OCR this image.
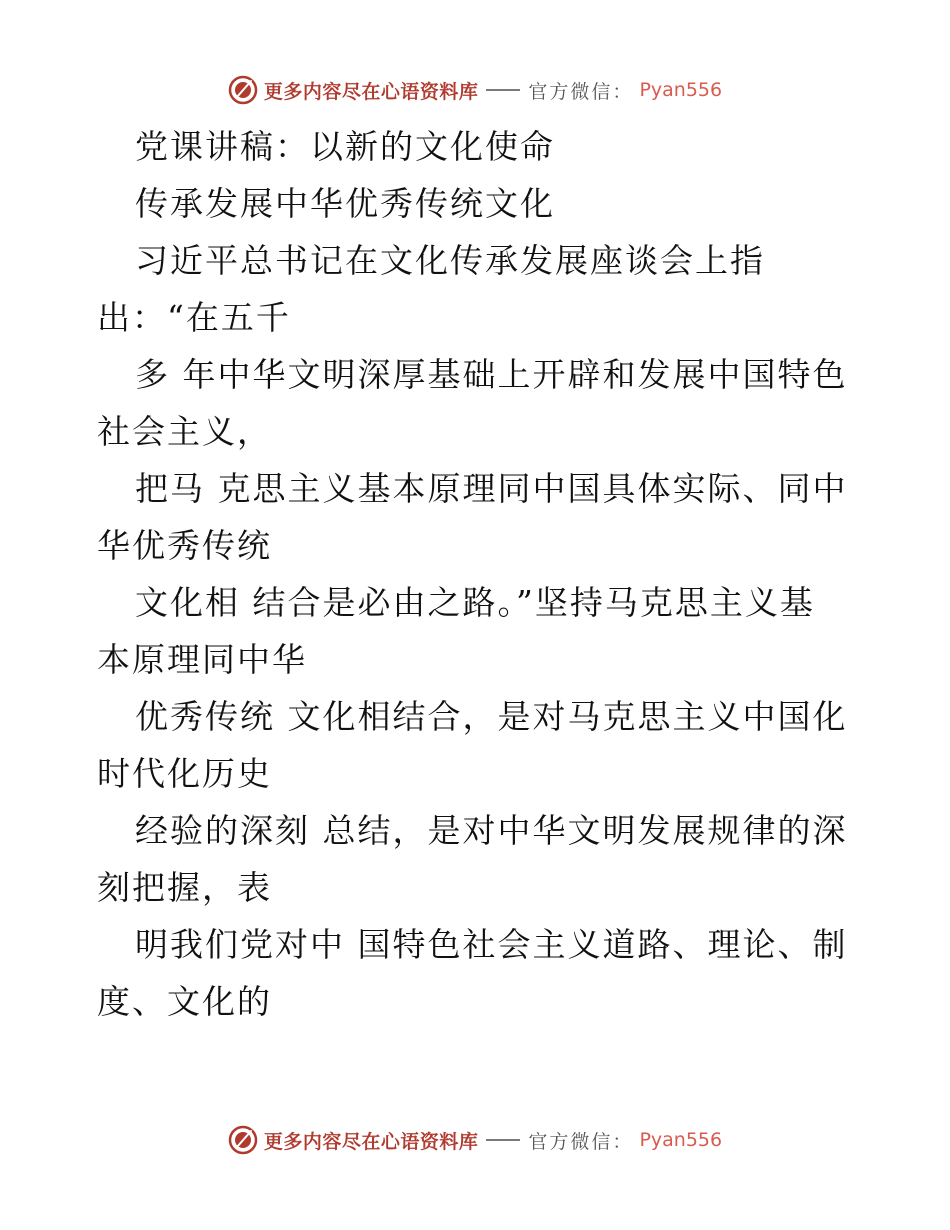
更多内容尽在心语资料库	官方微信： Pyan556
党课讲稿：以新的文化使命
传承发展中华优秀传统文化
习近平总书记在文化传承发展座谈会上指
出：“在五千
多 年中华文明深厚基础上开辟和发展中国特色
社会主义，
把马 克思主义基本原理同中国具体实际、同中
华优秀传统
文化相 结合是必由之路。”坚持马克思主义基
本原理同中华
优秀传统 文化相结合，是对马克思主义中国化
时代化历史
经验的深刻 总结，是对中华文明发展规律的深
刻把握，表
明我们党对中 国特色社会主义道路、理论、制
度、文化的
更多内容尽在心语资料库	官方微信： Pyan556
